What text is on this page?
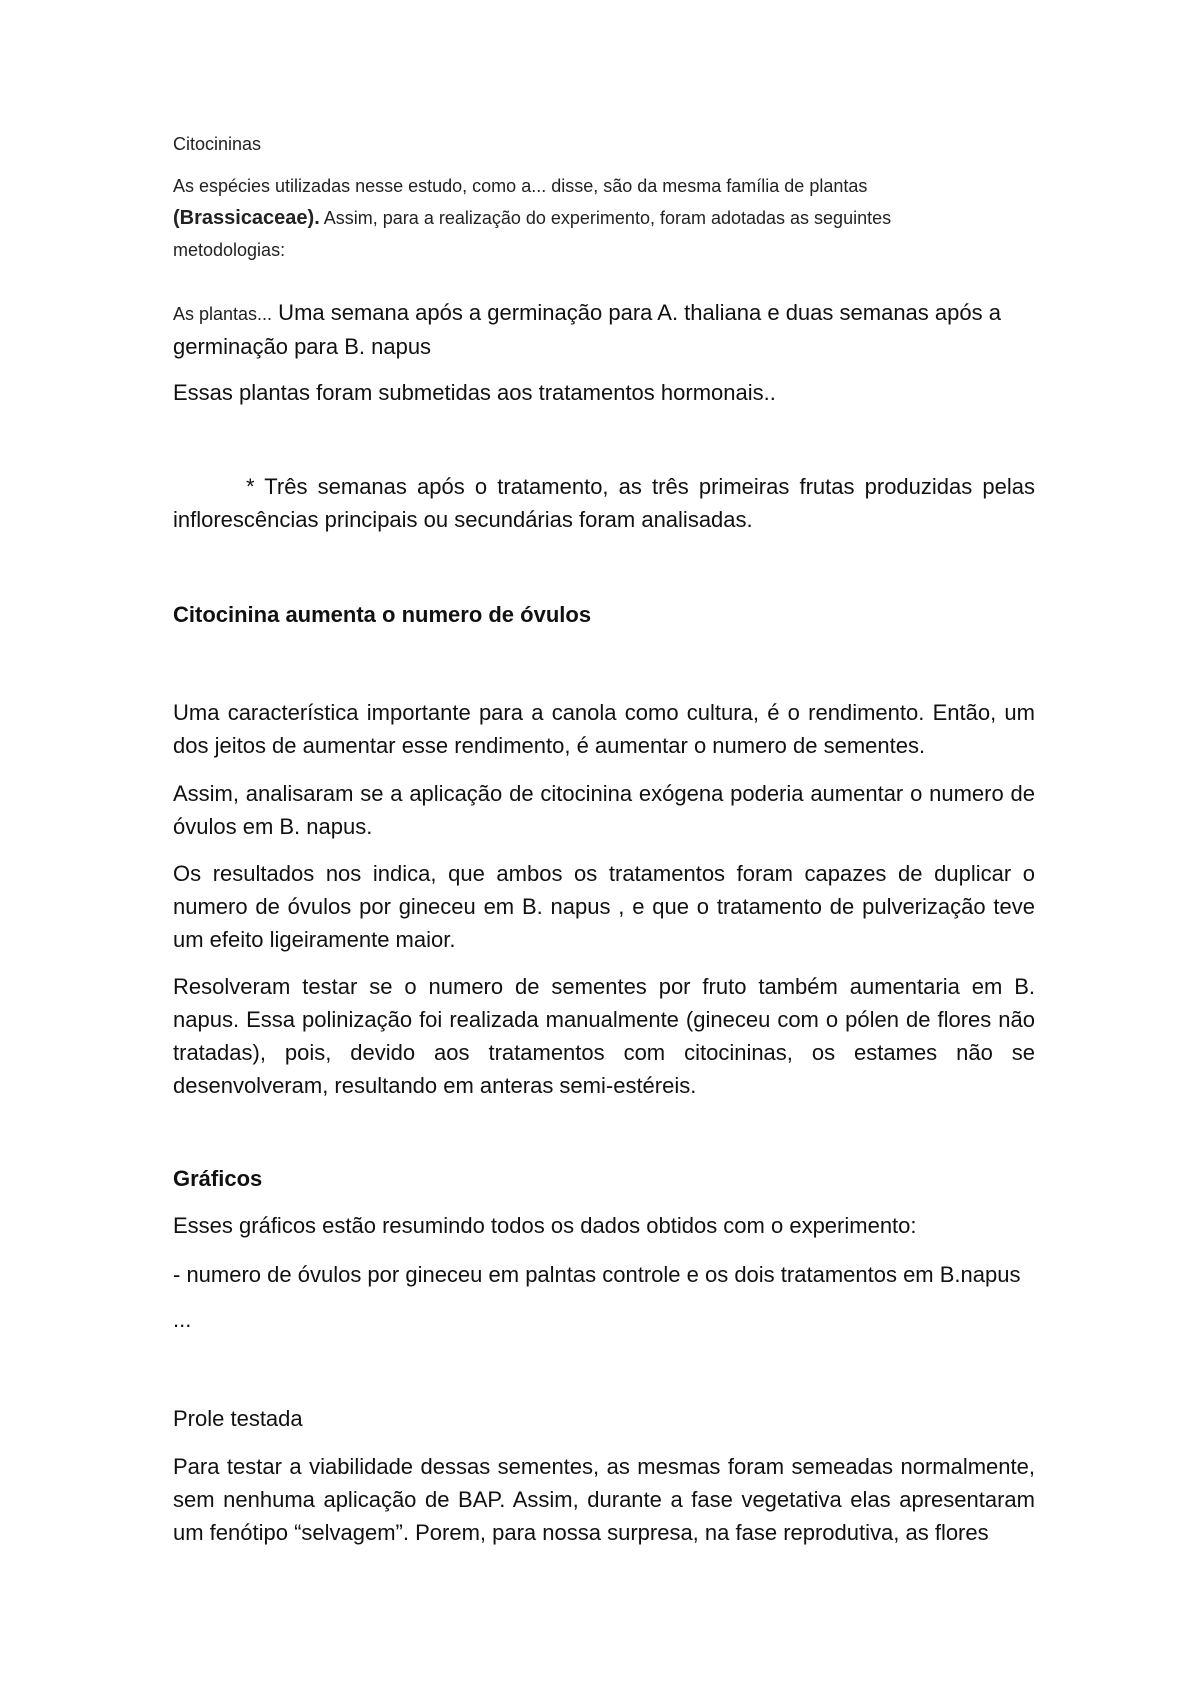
Citocininas

As espécies utilizadas nesse estudo, como a... disse, são da mesma família de plantas
(Brassicaceae). Assim, para a realização do experimento, foram adotadas as seguintes
metodologias:
As plantas... Uma semana após a germinação para A. thaliana e duas semanas após a
germinação para B. napus

Essas plantas foram submetidas aos tratamentos hormonais..

* Três semanas após o tratamento, as três primeiras frutas produzidas pelas inflorescências principais ou secundárias foram analisadas.

Citocinina aumenta o numero de óvulos

Uma característica importante para a canola como cultura, é o rendimento. Então, um dos jeitos de aumentar esse rendimento, é aumentar o numero de sementes.

Assim, analisaram se a aplicação de citocinina exógena poderia aumentar o numero de óvulos em B. napus.

Os resultados nos indica, que ambos os tratamentos foram capazes de duplicar o numero de óvulos por gineceu em B. napus , e que o tratamento de pulverização teve um efeito ligeiramente maior.

Resolveram testar se o numero de sementes por fruto também aumentaria em B. napus. Essa polinização foi realizada manualmente (gineceu com o pólen de flores não tratadas), pois, devido aos tratamentos com citocininas, os estames não se desenvolveram, resultando em anteras semi-estéreis.

Gráficos

Esses gráficos estão resumindo todos os dados obtidos com o experimento:

- numero de óvulos por gineceu em palntas controle e os dois tratamentos em B.napus

...

Prole testada

Para testar a viabilidade dessas sementes, as mesmas foram semeadas normalmente, sem nenhuma aplicação de BAP. Assim, durante a fase vegetativa elas apresentaram um fenótipo “selvagem”. Porem, para nossa surpresa, na fase reprodutiva, as flores
